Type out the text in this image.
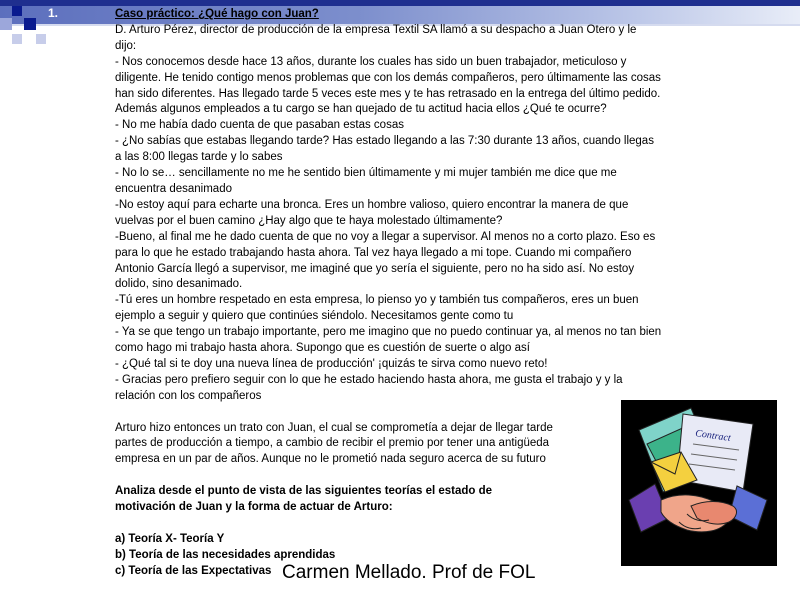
1.	Caso práctico: ¿Qué hago con Juan?

D. Arturo Pérez, director de producción de la empresa Textil SA llamó a su despacho a Juan Otero y le

dijo:

- Nos conocemos desde hace 13 años, durante los cuales has sido un buen trabajador, meticuloso y

diligente. He tenido contigo menos problemas que con los demás compañeros, pero últimamente las cosas

han sido diferentes. Has llegado tarde 5 veces este mes y te has retrasado en la entrega del último pedido.

Además algunos empleados a tu cargo se han quejado de tu actitud hacia ellos ¿Qué te ocurre?

- No me había dado cuenta de que pasaban estas cosas

- ¿No sabías que estabas llegando tarde? Has estado llegando a las 7:30 durante 13 años, cuando llegas

a las 8:00 llegas tarde y lo sabes

- No lo se… sencillamente no me he sentido bien últimamente y mi mujer también me dice que me

encuentra desanimado

-No estoy aquí para echarte una bronca. Eres un hombre valioso, quiero encontrar la manera de que

vuelvas por el buen camino ¿Hay algo que te haya molestado últimamente?

-Bueno, al final me he dado cuenta de que no voy a llegar a supervisor. Al menos no a corto plazo. Eso es

para lo que he estado trabajando hasta ahora. Tal vez haya llegado a mi tope. Cuando mi compañero

Antonio García llegó a supervisor, me imaginé que yo sería el siguiente, pero no ha sido así. No estoy

dolido, sino desanimado.

-Tú eres un hombre respetado en esta empresa, lo pienso yo y también tus compañeros, eres un buen

ejemplo a seguir y quiero que continúes siéndolo. Necesitamos gente como tu

- Ya se que tengo un trabajo importante, pero me imagino que no puedo continuar ya, al menos no tan bien

como hago mi trabajo hasta ahora. Supongo que es cuestión de suerte o algo así

- ¿Qué tal si te doy una nueva línea de producción' ¡quizás te sirva como nuevo reto!

- Gracias pero prefiero seguir con lo que he estado haciendo hasta ahora, me gusta el trabajo y y la

relación con los compañeros

Arturo hizo entonces un trato con Juan, el cual se comprometía a dejar de llegar tarde

partes de producción a tiempo, a cambio de recibir el premio por tener una antigüeda

empresa en un par de años. Aunque no le prometió nada seguro acerca de su futuro

Analiza desde el punto de vista de las siguientes teorías el estado de

motivación de Juan y la forma de actuar de Arturo:

a) Teoría X- Teoría Y

b) Teoría de las necesidades aprendidas

c) Teoría de las Expectativas

Contract
Carmen Mellado. Prof de FOL
